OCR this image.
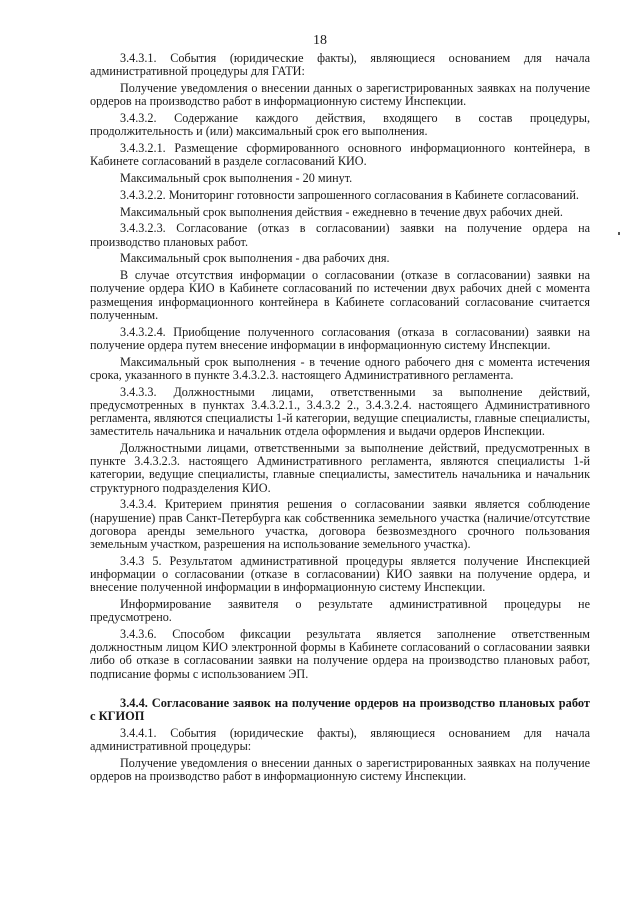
18

3.4.3.1. События (юридические факты), являющиеся основанием для начала административной процедуры для ГАТИ:

Получение уведомления о внесении данных о зарегистрированных заявках на получение ордеров на производство работ в информационную систему Инспекции.

3.4.3.2. Содержание каждого действия, входящего в состав процедуры, продолжительность и (или) максимальный срок его выполнения.

3.4.3.2.1. Размещение сформированного основного информационного контейнера, в Кабинете согласований в разделе согласований КИО.

Максимальный срок выполнения - 20 минут.

3.4.3.2.2. Мониторинг готовности запрошенного согласования в Кабинете согласований.

Максимальный срок выполнения действия - ежедневно в течение двух рабочих дней.

3.4.3.2.3. Согласование (отказ в согласовании) заявки на получение ордера на производство плановых работ.

Максимальный срок выполнения - два рабочих дня.

В случае отсутствия информации о согласовании (отказе в согласовании) заявки на получение ордера КИО в Кабинете согласований по истечении двух рабочих дней с момента размещения информационного контейнера в Кабинете согласований согласование считается полученным.

3.4.3.2.4. Приобщение полученного согласования (отказа в согласовании) заявки на получение ордера путем внесение информации в информационную систему Инспекции.

Максимальный срок выполнения - в течение одного рабочего дня с момента истечения срока, указанного в пункте 3.4.3.2.3. настоящего Административного регламента.

3.4.3.3. Должностными лицами, ответственными за выполнение действий, предусмотренных в пунктах 3.4.3.2.1., 3.4.3.2 2., 3.4.3.2.4. настоящего Административного регламента, являются специалисты 1-й категории, ведущие специалисты, главные специалисты, заместитель начальника и начальник отдела оформления и выдачи ордеров Инспекции.

Должностными лицами, ответственными за выполнение действий, предусмотренных в пункте 3.4.3.2.3. настоящего Административного регламента, являются специалисты 1-й категории, ведущие специалисты, главные специалисты, заместитель начальника и начальник структурного подразделения КИО.

3.4.3.4. Критерием принятия решения о согласовании заявки является соблюдение (нарушение) прав Санкт-Петербурга как собственника земельного участка (наличие/отсутствие договора аренды земельного участка, договора безвозмездного срочного пользования земельным участком, разрешения на использование земельного участка).

3.4.3 5. Результатом административной процедуры является получение Инспекцией информации о согласовании (отказе в согласовании) КИО заявки на получение ордера, и внесение полученной информации в информационную систему Инспекции.

Информирование заявителя о результате административной процедуры не предусмотрено.

3.4.3.6. Способом фиксации результата является заполнение ответственным должностным лицом КИО электронной формы в Кабинете согласований о согласовании заявки либо об отказе в согласовании заявки на получение ордера на производство плановых работ, подписание формы с использованием ЭП.

3.4.4. Согласование заявок на получение ордеров на производство плановых работ с КГИОП

3.4.4.1. События (юридические факты), являющиеся основанием для начала административной процедуры:

Получение уведомления о внесении данных о зарегистрированных заявках на получение ордеров на производство работ в информационную систему Инспекции.
